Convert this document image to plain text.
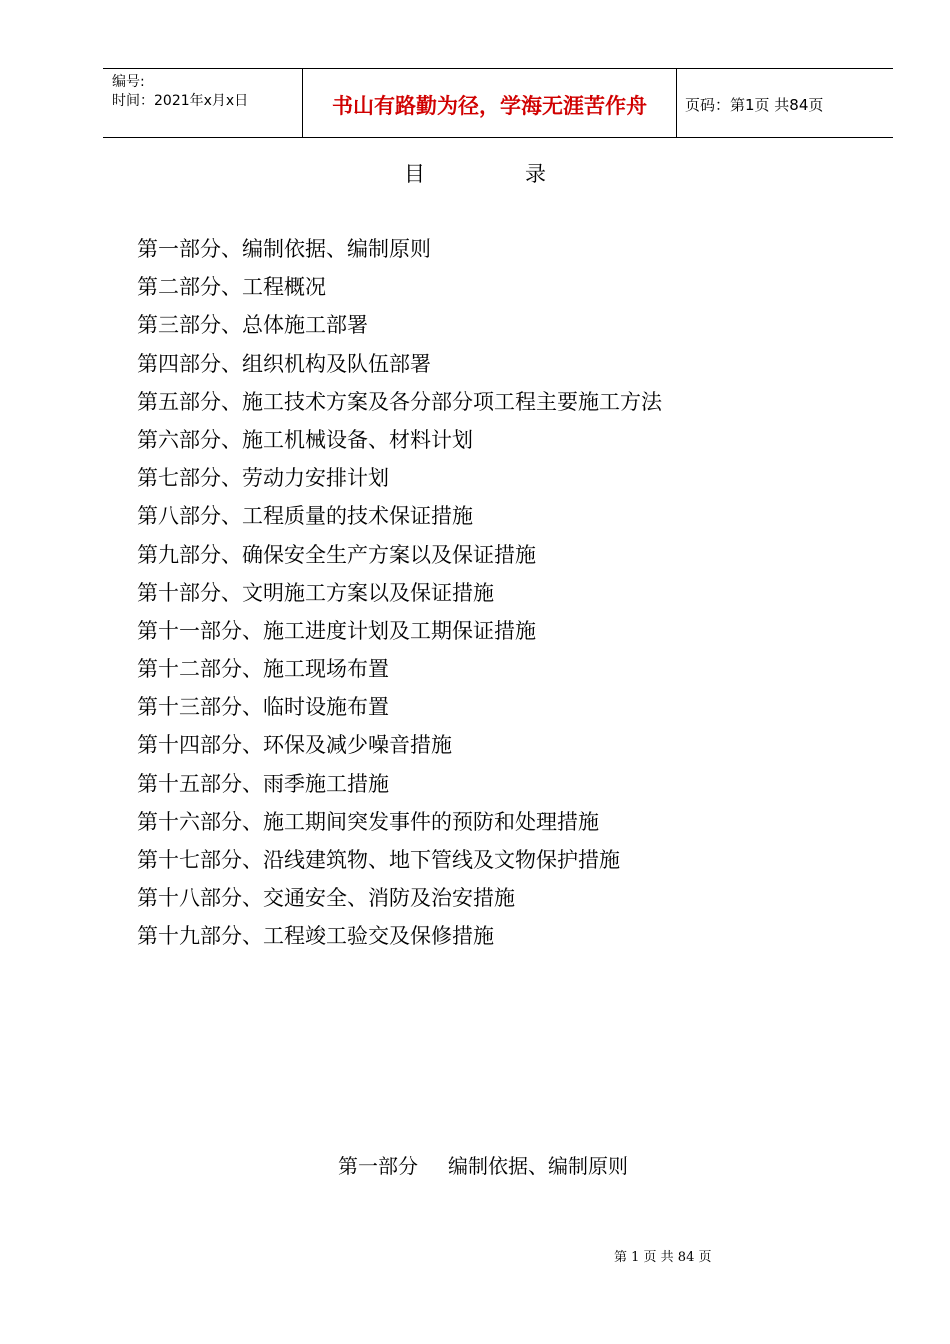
编号:
时间：2021年x月x日	书山有路勤为径，学海无涯苦作舟	页码：第1页 共84页
目	录
第一部分、编制依据、编制原则
第二部分、工程概况
第三部分、总体施工部署
第四部分、组织机构及队伍部署
第五部分、施工技术方案及各分部分项工程主要施工方法
第六部分、施工机械设备、材料计划
第七部分、劳动力安排计划
第八部分、工程质量的技术保证措施
第九部分、确保安全生产方案以及保证措施
第十部分、文明施工方案以及保证措施
第十一部分、施工进度计划及工期保证措施
第十二部分、施工现场布置
第十三部分、临时设施布置
第十四部分、环保及减少噪音措施
第十五部分、雨季施工措施
第十六部分、施工期间突发事件的预防和处理措施
第十七部分、沿线建筑物、地下管线及文物保护措施
第十八部分、交通安全、消防及治安措施
第十九部分、工程竣工验交及保修措施
第一部分 编制依据、编制原则
第 1 页 共 84 页
